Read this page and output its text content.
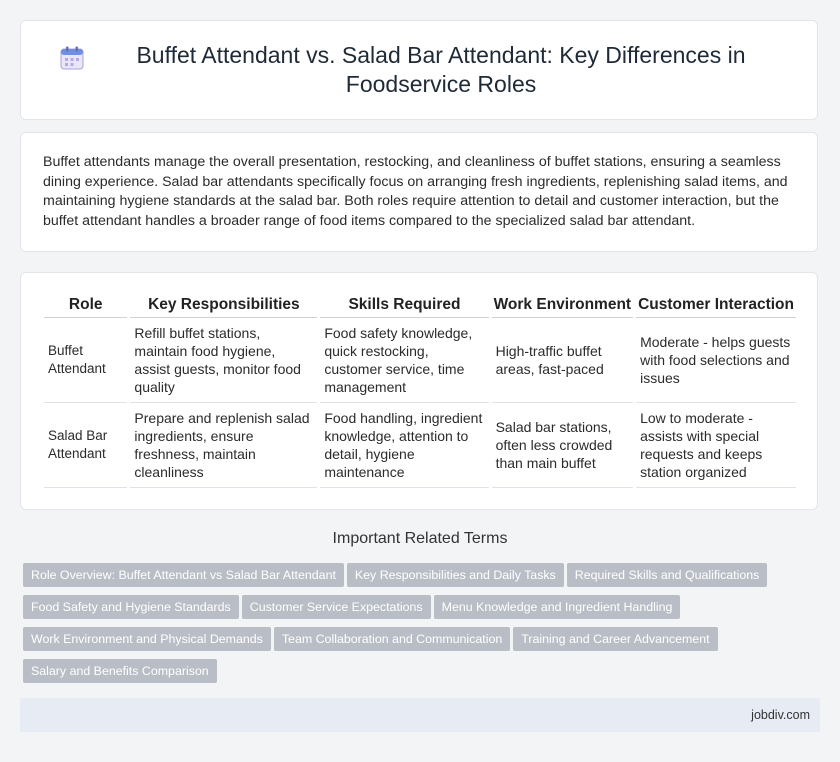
Buffet Attendant vs. Salad Bar Attendant: Key Differences in Foodservice Roles

Buffet attendants manage the overall presentation, restocking, and cleanliness of buffet stations, ensuring a seamless dining experience. Salad bar attendants specifically focus on arranging fresh ingredients, replenishing salad items, and maintaining hygiene standards at the salad bar. Both roles require attention to detail and customer interaction, but the buffet attendant handles a broader range of food items compared to the specialized salad bar attendant.

Role	Key Responsibilities	Skills Required	Work Environment	Customer Interaction
Buffet Attendant	Refill buffet stations, maintain food hygiene, assist guests, monitor food quality	Food safety knowledge, quick restocking, customer service, time management	High-traffic buffet areas, fast-paced	Moderate - helps guests with food selections and issues
Salad Bar Attendant	Prepare and replenish salad ingredients, ensure freshness, maintain cleanliness	Food handling, ingredient knowledge, attention to detail, hygiene maintenance	Salad bar stations, often less crowded than main buffet	Low to moderate - assists with special requests and keeps station organized
Important Related Terms
Role Overview: Buffet Attendant vs Salad Bar Attendant Key Responsibilities and Daily Tasks Required Skills and QualificationsFood Safety and Hygiene Standards Customer Service Expectations Menu Knowledge and Ingredient HandlingWork Environment and Physical Demands Team Collaboration and Communication Training and Career AdvancementSalary and Benefits Comparison
jobdiv.com
